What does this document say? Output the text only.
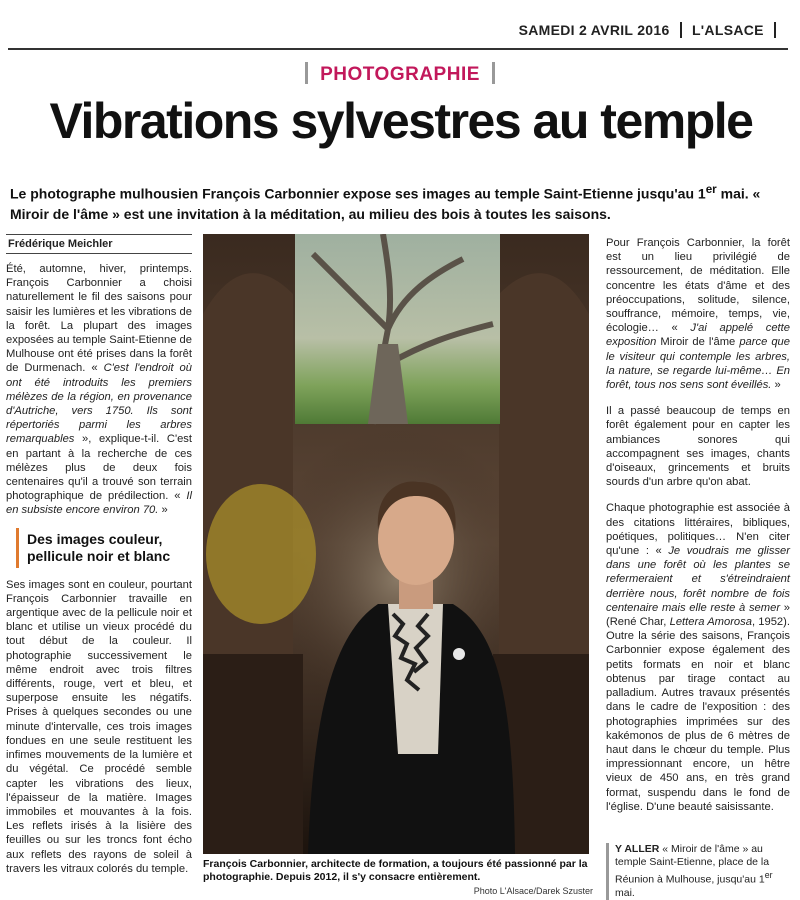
SAMEDI 2 AVRIL 2016 L'ALSACE
PHOTOGRAPHIE
Vibrations sylvestres au temple
Le photographe mulhousien François Carbonnier expose ses images au temple Saint-Etienne jusqu'au 1er mai. « Miroir de l'âme » est une invitation à la méditation, au milieu des bois à toutes les saisons.
Frédérique Meichler

Été, automne, hiver, printemps. François Carbonnier a choisi naturellement le fil des saisons pour saisir les lumières et les vibrations de la forêt. La plupart des images exposées au temple Saint-Etienne de Mulhouse ont été prises dans la forêt de Durmenach. « C'est l'endroit où ont été introduits les premiers mélèzes de la région, en provenance d'Autriche, vers 1750. Ils sont répertoriés parmi les arbres remarquables », explique-t-il. C'est en partant à la recherche de ces mélèzes plus de deux fois centenaires qu'il a trouvé son terrain photographique de prédilection. « Il en subsiste encore environ 70. »

Des images couleur, pellicule noir et blanc

Ses images sont en couleur, pourtant François Carbonnier travaille en argentique avec de la pellicule noir et blanc et utilise un vieux procédé du tout début de la couleur. Il photographie successivement le même endroit avec trois filtres différents, rouge, vert et bleu, et superpose ensuite les négatifs. Prises à quelques secondes ou une minute d'intervalle, ces trois images fondues en une seule restituent les infimes mouvements de la lumière et du végétal. Ce procédé semble capter les vibrations des lieux, l'épaisseur de la matière. Images immobiles et mouvantes à la fois. Les reflets irisés à la lisière des feuilles ou sur les troncs font écho aux reflets des rayons de soleil à travers les vitraux colorés du temple.	François Carbonnier, architecte de formation, a toujours été passionné par la photographie. Depuis 2012, il s'y consacre entièrement.
Photo L'Alsace/Darek Szuster

Pour François Carbonnier, la forêt est un lieu privilégié de ressourcement, de méditation. Elle concentre les états d'âme et des préoccupations, solitude, silence, souffrance, mémoire, temps, vie, écologie… « J'ai appelé cette exposition Miroir de l'âme parce que le visiteur qui contemple les arbres, la nature, se regarde lui-même… En forêt, tous nos sens sont éveillés. »

Il a passé beaucoup de temps en forêt également pour en capter les ambiances sonores qui accompagnent ses images, chants d'oiseaux, grincements et bruits sourds d'un arbre qu'on abat.

Chaque photographie est associée à des citations littéraires, bibliques, poétiques, politiques… N'en citer qu'une : « Je voudrais me glisser dans une forêt où les plantes se refermeraient et s'étreindraient derrière nous, forêt nombre de fois centenaire mais elle reste à semer » (René Char, Lettera Amorosa, 1952). Outre la série des saisons, François Carbonnier expose également des petits formats en noir et blanc obtenus par tirage contact au palladium. Autres travaux présentés dans le cadre de l'exposition : des photographies imprimées sur des kakémonos de plus de 6 mètres de haut dans le chœur du temple. Plus impressionnant encore, un hêtre vieux de 450 ans, en très grand format, suspendu dans le fond de l'église. D'une beauté saisissante.

Y ALLER « Miroir de l'âme » au temple Saint-Etienne, place de la Réunion à Mulhouse, jusqu'au 1er mai.
